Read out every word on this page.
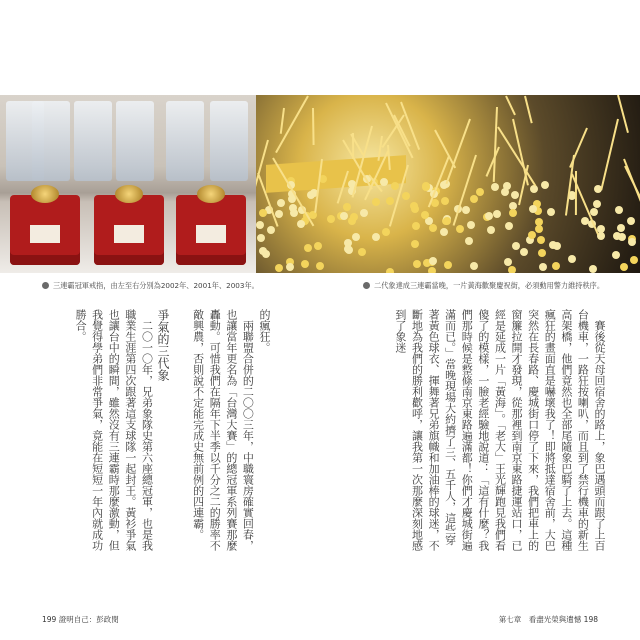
三連霸冠軍戒指，由左至右分別為2002年、2001年、2003年。	二代象達成三連霸當晚，一片黃海歡聚慶祝街，必須動用警力維持秩序。

的瘋狂。

　兩聯盟合併的二〇〇三年，中職寰房確實回春，也讓當年更名為「台灣大賽」的總冠軍系列賽那麼轟動。可惜我們在隔年下半季以千分之二的勝率不敵興農，否則說不定能完成史無前例的四連霸。

爭氣的三代象

　二〇一〇年，兄弟象隊史第六座總冠軍，也是我職業生涯第四次跟著這支球隊一起封王。黃衫爭氣也讓台中的瞬間，雖然沒有三連霸時那麼激動，但我覺得學弟們非常爭氣，竟能在短短一年內就成功勝合。	　賽後從天母回宿舍的路上，象巴遇頭而跟了上百台機車，一路狂按喇叭，而且到了禁行機車的新生高架橋，他們竟然也全部尾隨象巴騎了上去。這種瘋狂的畫面直是嚇壞我了！即將抵達宿舍前，大巴突然在長春路、慶城街口停了下來，我們把車上的窗簾拉開才發現，從那裡到南京東路捷運站口，已經是延成一片「黃海」。「老大」王光輝跑見我們看傻了的模樣，一臉老經驗地說道：「這有什麼？我們那時候是整條南京東路遍滿都！你們才慶城街遍滿而已。」當晚現場大約擠了三、五千人，這些穿著黃色球衣、揮舞著兄弟旗幟和加油棒的球迷，不斷地為我們的勝利歡呼，讓我第一次那麼深刻地感到了象迷

199 證明自己：彭政閔	第七章　看盡光榮與遺憾 198
